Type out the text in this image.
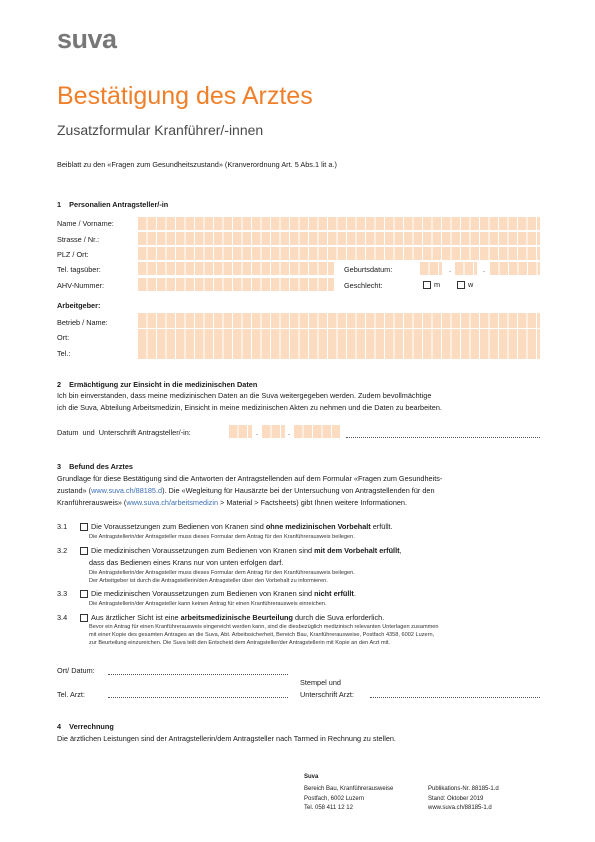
suva
Bestätigung des Arztes
Zusatzformular Kranführer/-innen
Beiblatt zu den «Fragen zum Gesundheitszustand» (Kranverordnung Art. 5 Abs.1 lit a.)
1    Personalien Antragsteller/-in
Name / Vorname:
Strasse / Nr.:
PLZ / Ort:
Tel. tagsüber:	Geburtsdatum:	.	.
AHV-Nummer:	Geschlecht:	m	w
Arbeitgeber:
Betrieb / Name:
Ort:
Tel.:
2    Ermächtigung zur Einsicht in die medizinischen Daten
Ich bin einverstanden, dass meine medizinischen Daten an die Suva weitergegeben werden. Zudem bevollmächtige
ich die Suva, Abteilung Arbeitsmedizin, Einsicht in meine medizinischen Akten zu nehmen und die Daten zu bearbeiten.
Datum  und  Unterschrift Antragsteller/-in:	.	.
3    Befund des Arztes
Grundlage für diese Bestätigung sind die Antworten der Antragstellenden auf dem Formular «Fragen zum Gesundheits-
zustand» (www.suva.ch/88185.d). Die «Wegleitung für Hausärzte bei der Untersuchung von Antragstellenden für den
Kranführerausweis» (www.suva.ch/arbeitsmedizin > Material > Factsheets) gibt Ihnen weitere Informationen.
3.1	Die Voraussetzungen zum Bedienen von Kranen sind ohne medizinischen Vorbehalt erfüllt.
Die Antragstellerin/der Antragsteller muss dieses Formular dem Antrag für den Kranführerausweis beilegen.
3.2	Die medizinischen Voraussetzungen zum Bedienen von Kranen sind mit dem Vorbehalt erfüllt,
dass das Bedienen eines Krans nur von unten erfolgen darf.
Die Antragstellerin/der Antragsteller muss dieses Formular dem Antrag für den Kranführerausweis beilegen.
Der Arbeitgeber ist durch die Antragstellerin/den Antragsteller über den Vorbehalt zu informieren.
3.3	Die medizinischen Voraussetzungen zum Bedienen von Kranen sind nicht erfüllt.
Die Antragstellerin/der Antragsteller kann keinen Antrag für einen Kranführerausweis einreichen.
3.4	Aus ärztlicher Sicht ist eine arbeitsmedizinische Beurteilung durch die Suva erforderlich.
Bevor ein Antrag für einen Kranführerausweis eingereicht werden kann, sind die diesbezüglich medizinisch relevanten Unterlagen zusammen
mit einer Kopie des gesamten Antrages an die Suva, Abt. Arbeitssicherheit, Bereich Bau, Kranführerausweise, Postfach 4358, 6002 Luzern,
zur Beurteilung einzureichen. Die Suva teilt den Entscheid dem Antragsteller/der Antragstellerin mit Kopie an den Arzt mit.
Ort/ Datum:
Tel. Arzt:
Stempel und
Unterschrift Arzt:
4    Verrechnung
Die ärztlichen Leistungen sind der Antragstellerin/dem Antragsteller nach Tarmed in Rechnung zu stellen.
Suva
Bereich Bau, Kranführerausweise
Postfach, 6002 Luzern
Tel. 058 411 12 12
Publikations-Nr. 88185-1.d
Stand: Oktober 2019
www.suva.ch/88185-1.d
